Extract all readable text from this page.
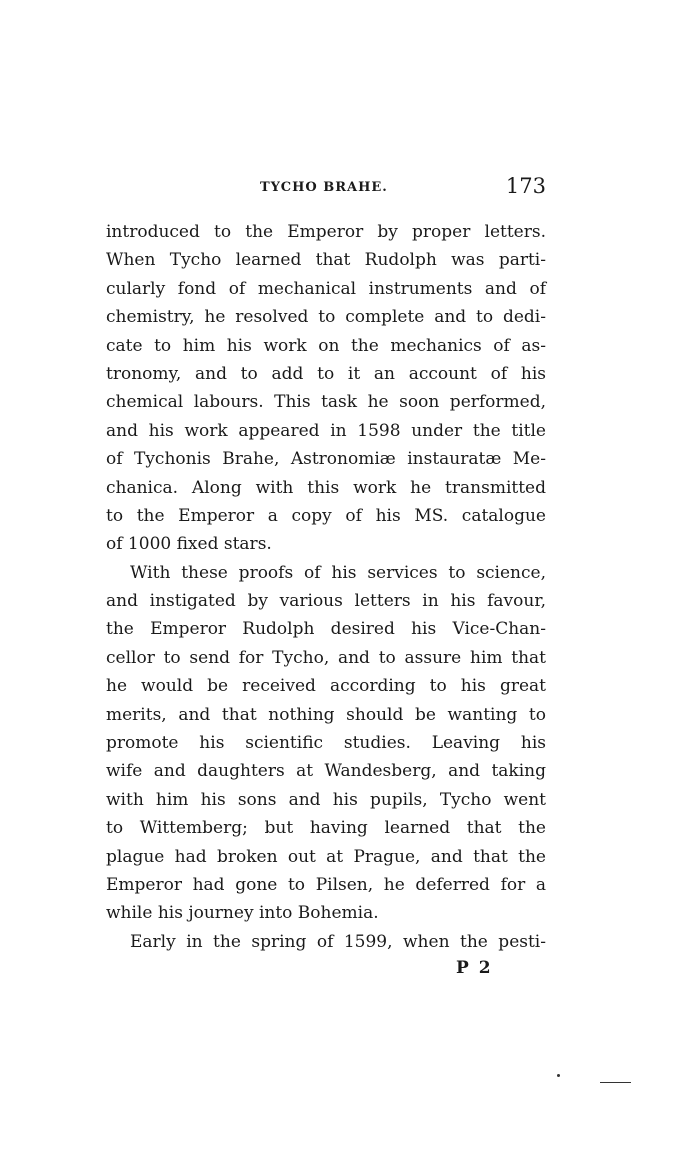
TYCHO BRAHE.	173
introduced to the Emperor by proper letters.
When Tycho learned that Rudolph was parti-
cularly fond of mechanical instruments and of
chemistry, he resolved to complete and to dedi-
cate to him his work on the mechanics of as-
tronomy, and to add to it an account of his
chemical labours. This task he soon performed,
and his work appeared in 1598 under the title
of Tychonis Brahe, Astronomiæ instauratæ Me-
chanica. Along with this work he transmitted
to the Emperor a copy of his MS. catalogue
of 1000 fixed stars.
With these proofs of his services to science,
and instigated by various letters in his favour,
the Emperor Rudolph desired his Vice-Chan-
cellor to send for Tycho, and to assure him that
he would be received according to his great
merits, and that nothing should be wanting to
promote his scientific studies. Leaving his
wife and daughters at Wandesberg, and taking
with him his sons and his pupils, Tycho went
to Wittemberg; but having learned that the
plague had broken out at Prague, and that the
Emperor had gone to Pilsen, he deferred for a
while his journey into Bohemia.
Early in the spring of 1599, when the pesti-
P 2
